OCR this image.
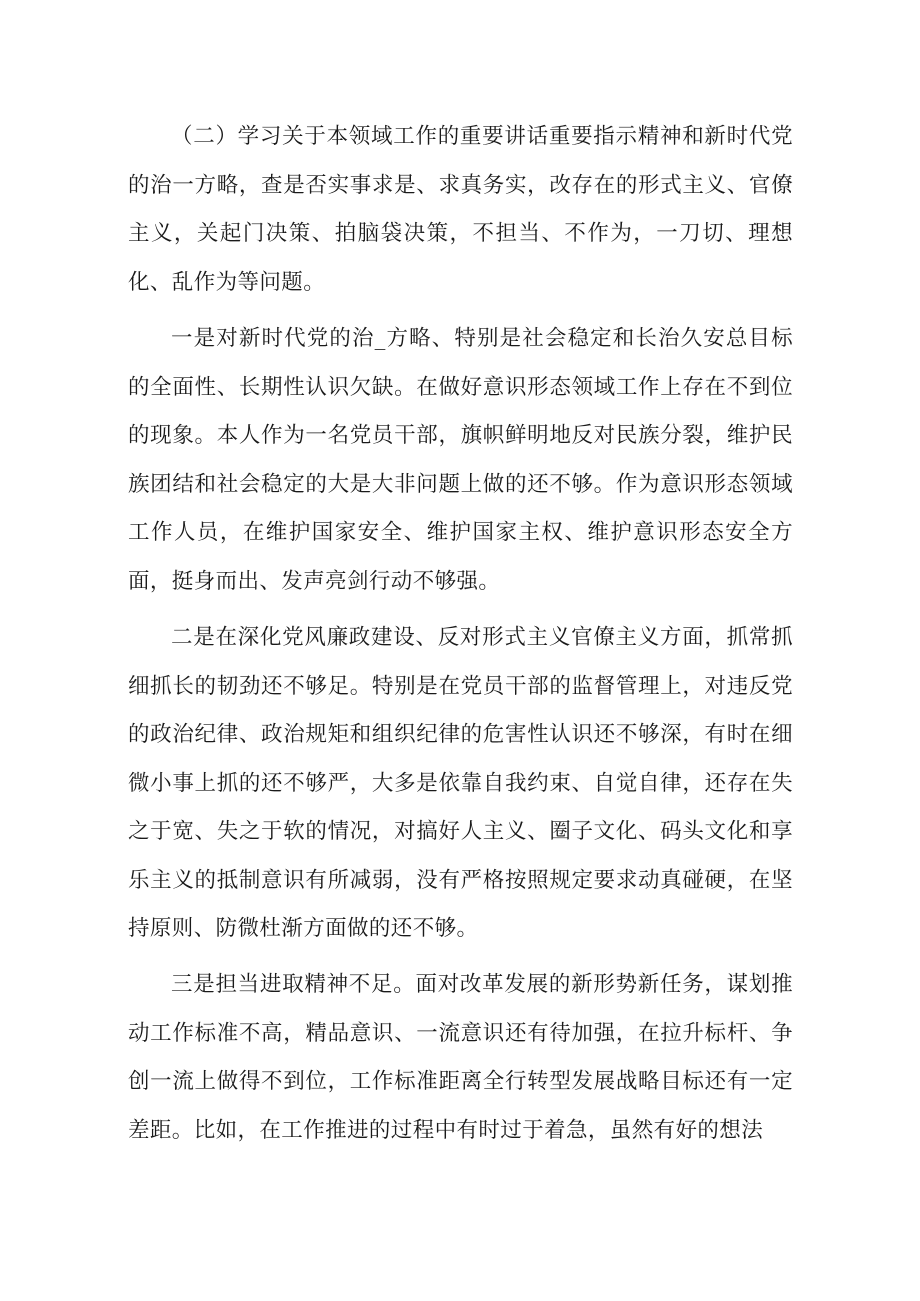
（二）学习关于本领域工作的重要讲话重要指示精神和新时代党的治一方略，查是否实事求是、求真务实，改存在的形式主义、官僚主义，关起门决策、拍脑袋决策，不担当、不作为，一刀切、理想化、乱作为等问题。

一是对新时代党的治_方略、特别是社会稳定和长治久安总目标的全面性、长期性认识欠缺。在做好意识形态领域工作上存在不到位的现象。本人作为一名党员干部，旗帜鲜明地反对民族分裂，维护民族团结和社会稳定的大是大非问题上做的还不够。作为意识形态领域工作人员，在维护国家安全、维护国家主权、维护意识形态安全方面，挺身而出、发声亮剑行动不够强。

二是在深化党风廉政建设、反对形式主义官僚主义方面，抓常抓细抓长的韧劲还不够足。特别是在党员干部的监督管理上，对违反党的政治纪律、政治规矩和组织纪律的危害性认识还不够深，有时在细微小事上抓的还不够严，大多是依靠自我约束、自觉自律，还存在失之于宽、失之于软的情况，对搞好人主义、圈子文化、码头文化和享乐主义的抵制意识有所减弱，没有严格按照规定要求动真碰硬，在坚持原则、防微杜渐方面做的还不够。

三是担当进取精神不足。面对改革发展的新形势新任务，谋划推动工作标准不高，精品意识、一流意识还有待加强，在拉升标杆、争创一流上做得不到位，工作标准距离全行转型发展战略目标还有一定差距。比如，在工作推进的过程中有时过于着急，虽然有好的想法
